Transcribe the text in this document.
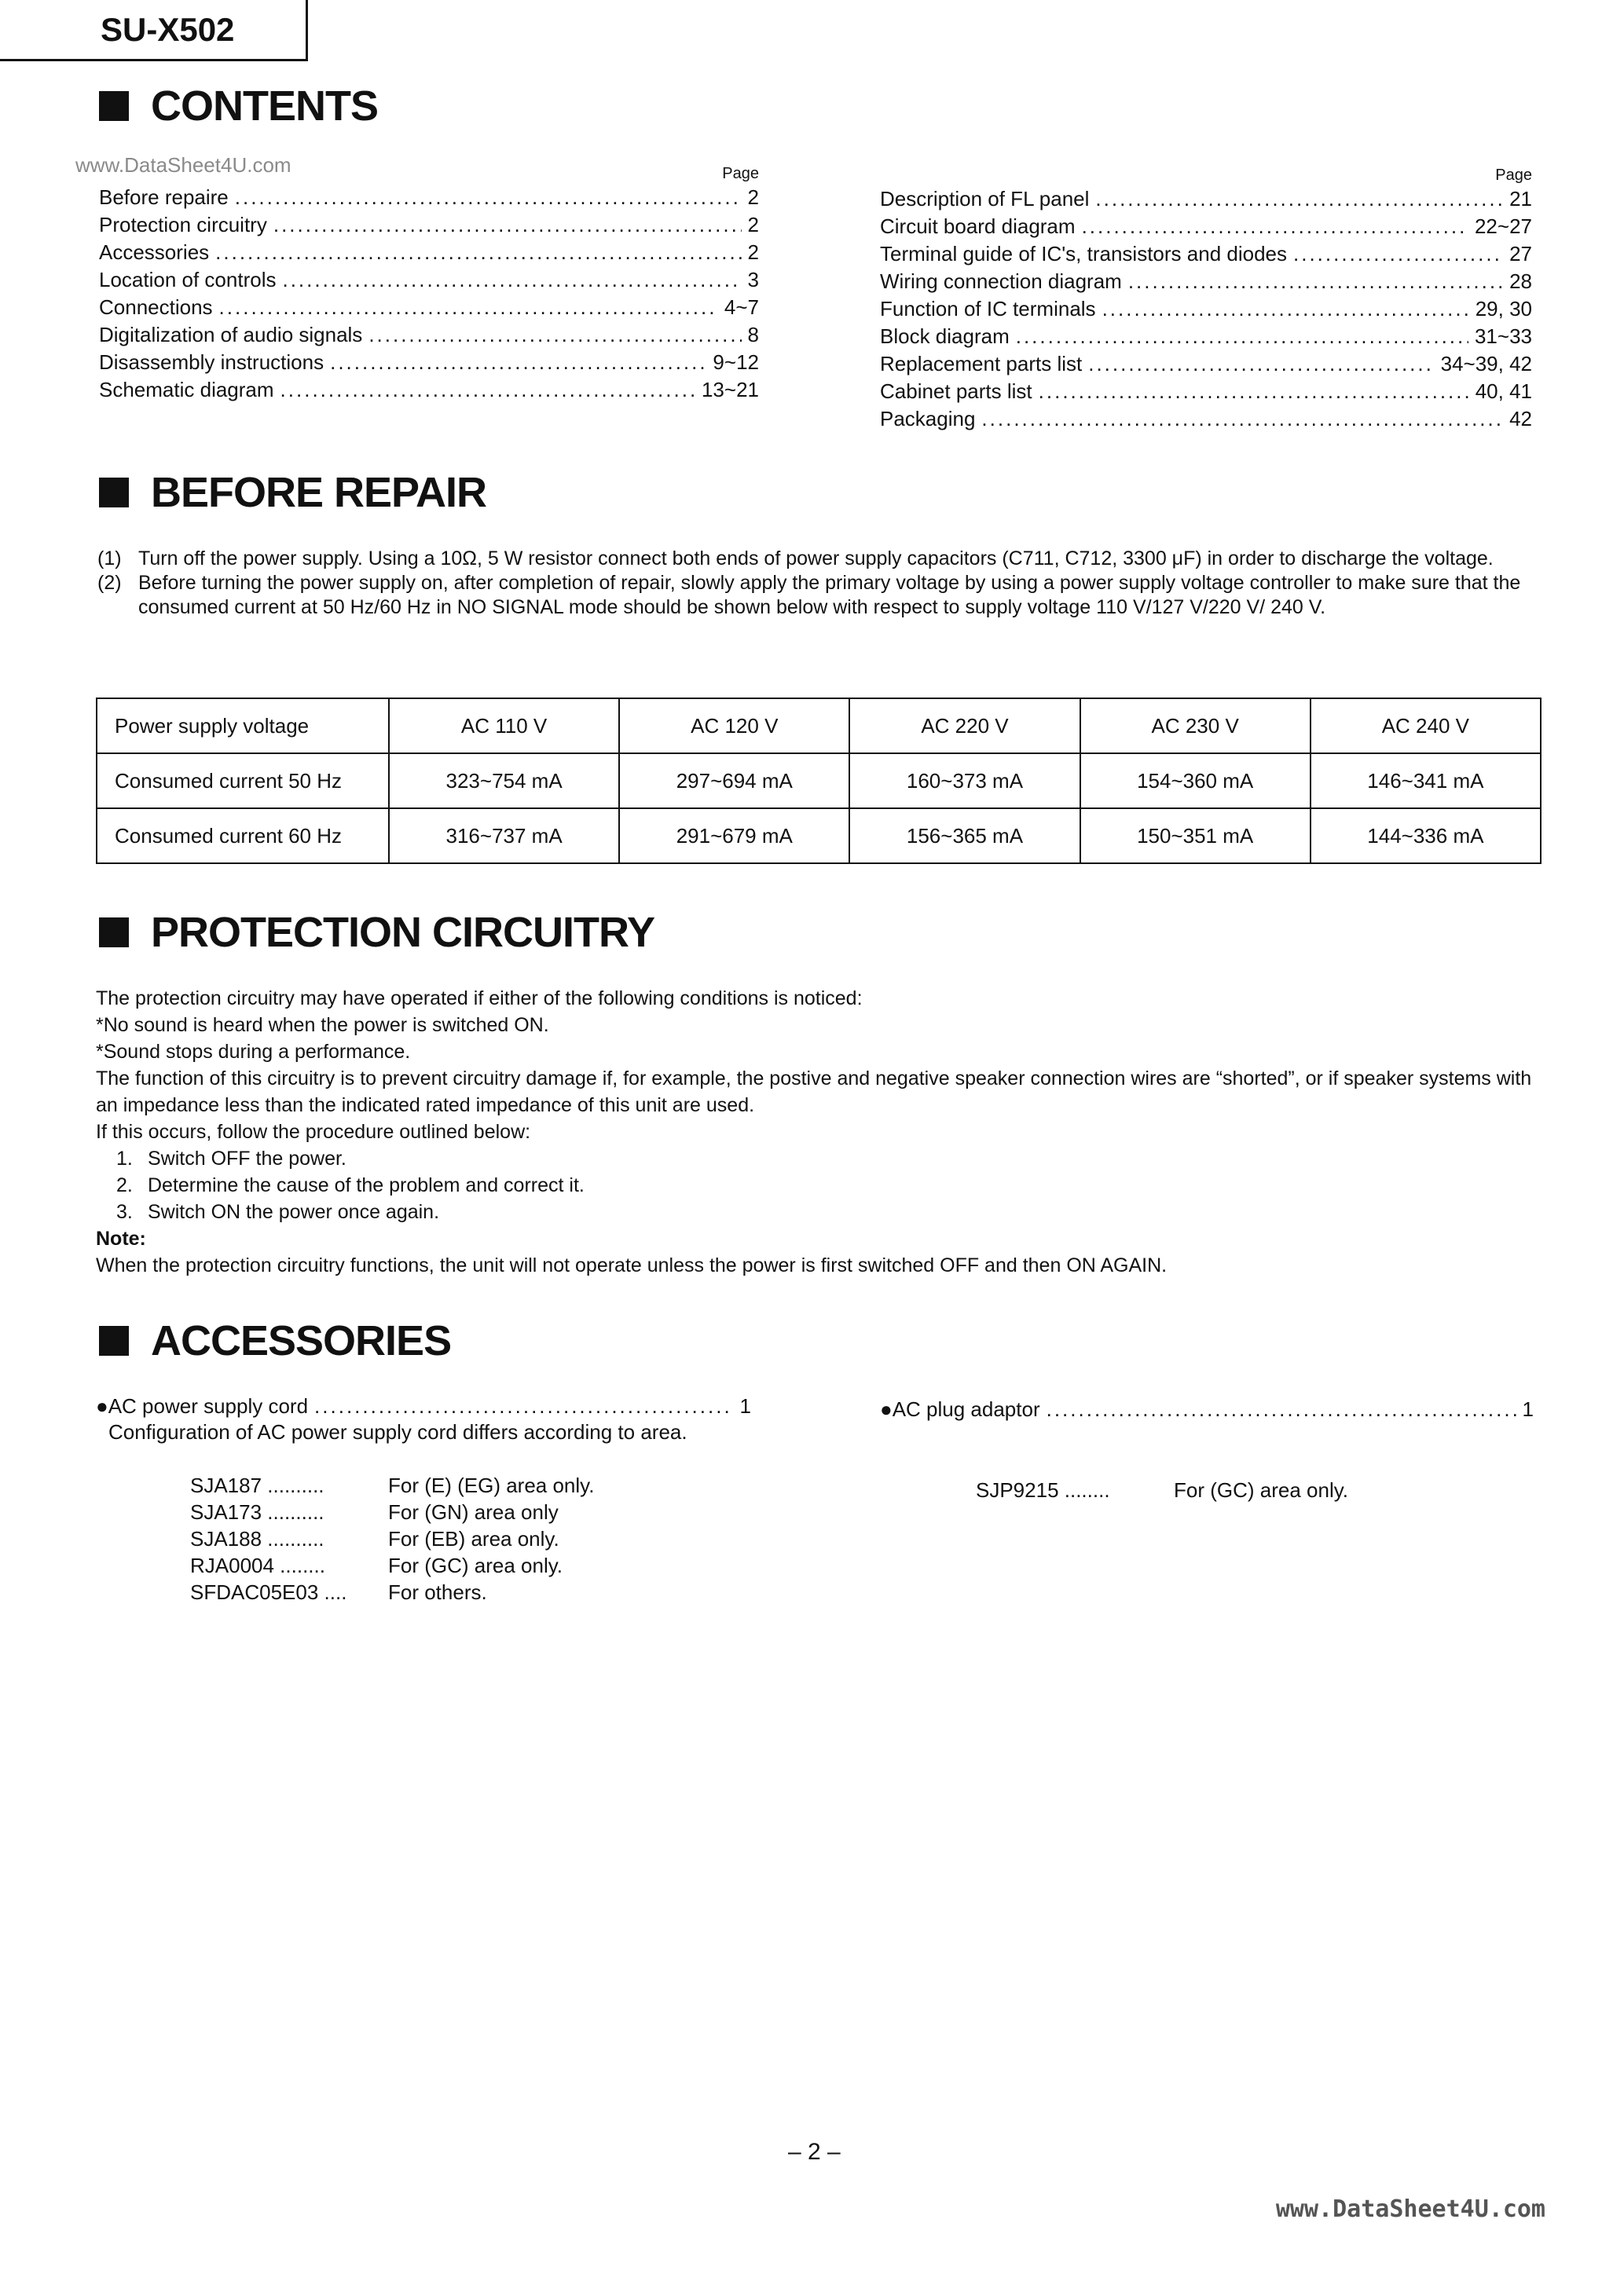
SU-X502
www.DataSheet4U.com
CONTENTS
Page
Before repaire .....	2
Protection circuitry .....	2
Accessories .....	2
Location of controls .....	3
Connections .....	4~7
Digitalization of audio signals .....	8
Disassembly instructions .....	9~12
Schematic diagram .....	13~21
Page
Description of FL panel .....	21
Circuit board diagram .....	22~27
Terminal guide of IC's, transistors and diodes .....	27
Wiring connection diagram .....	28
Function of IC terminals .....	29, 30
Block diagram .....	31~33
Replacement parts list .....	34~39, 42
Cabinet parts list .....	40, 41
Packaging .....	42
BEFORE REPAIR
(1) Turn off the power supply. Using a 10Ω, 5 W resistor connect both ends of power supply capacitors (C711, C712, 3300 μF) in order to discharge the voltage.
(2) Before turning the power supply on, after completion of repair, slowly apply the primary voltage by using a power supply voltage controller to make sure that the consumed current at 50 Hz/60 Hz in NO SIGNAL mode should be shown below with respect to supply voltage 110 V/127 V/220 V/ 240 V.
Power supply voltage	AC 110 V	AC 120 V	AC 220 V	AC 230 V	AC 240 V
Consumed current 50 Hz	323~754 mA	297~694 mA	160~373 mA	154~360 mA	146~341 mA
Consumed current 60 Hz	316~737 mA	291~679 mA	156~365 mA	150~351 mA	144~336 mA
PROTECTION CIRCUITRY
The protection circuitry may have operated if either of the following conditions is noticed:
*No sound is heard when the power is switched ON.
*Sound stops during a performance.
The function of this circuitry is to prevent circuitry damage if, for example, the postive and negative speaker connection wires are “shorted”, or if speaker systems with an impedance less than the indicated rated impedance of this unit are used.
If this occurs, follow the procedure outlined below:
1. Switch OFF the power.
2. Determine the cause of the problem and correct it.
3. Switch ON the power once again.
Note:
When the protection circuitry functions, the unit will not operate unless the power is first switched OFF and then ON AGAIN.
ACCESSORIES
●AC power supply cord .....	1
Configuration of AC power supply cord differs according to area.
SJA187 ..........	For (E) (EG) area only.
SJA173 ..........	For (GN) area only
SJA188 ..........	For (EB) area only.
RJA0004 ........	For (GC) area only.
SFDAC05E03 ....	For others.
●AC plug adaptor .....	1
SJP9215 ........	For (GC) area only.
– 2 –
www.DataSheet4U.com
